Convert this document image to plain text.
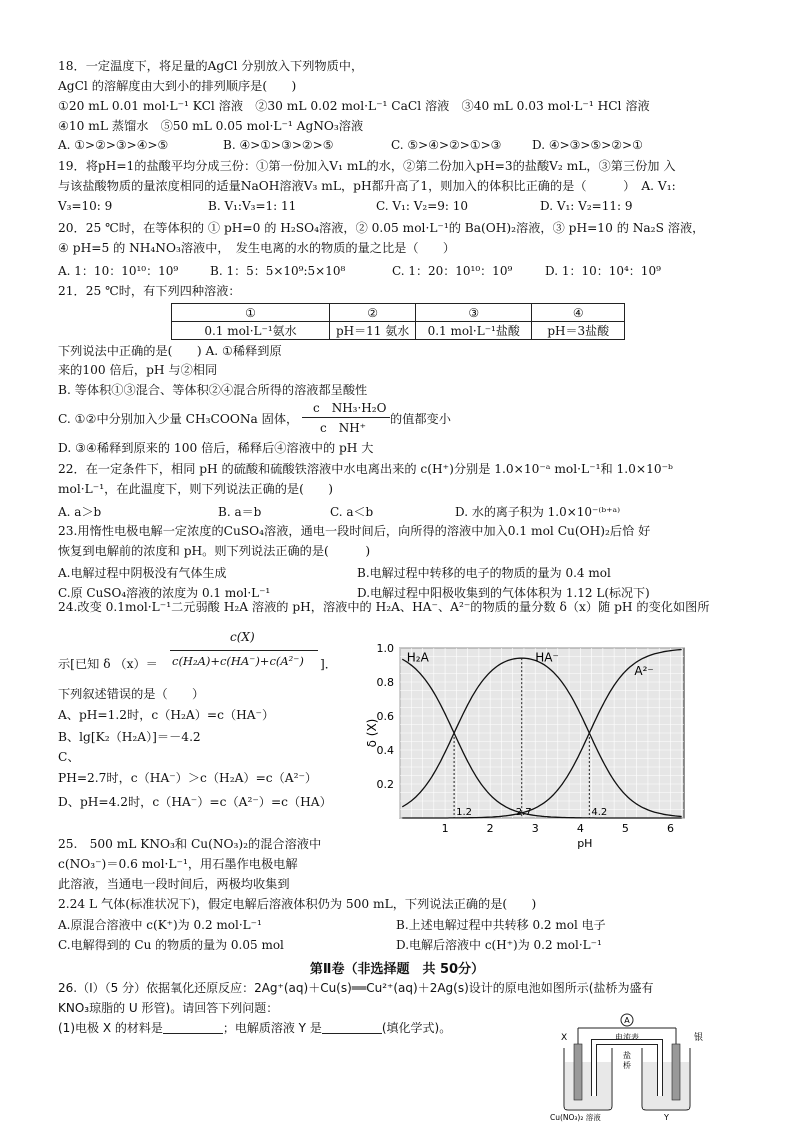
18．一定温度下，将足量的AgCl 分别放入下列物质中，
AgCl 的溶解度由大到小的排列顺序是(　　)
①20 mL 0.01 mol·L⁻¹ KCl 溶液　②30 mL 0.02 mol·L⁻¹ CaCl 溶液　③40 mL 0.03 mol·L⁻¹ HCl 溶液
④10 mL 蒸馏水　⑤50 mL 0.05 mol·L⁻¹ AgNO₃溶液
A. ①>②>③>④>⑤	B. ④>①>③>②>⑤	C. ⑤>④>②>①>③	D. ④>③>⑤>②>①
19．将pH=1的盐酸平均分成三份：①第一份加入V₁ mL的水，②第二份加入pH=3的盐酸V₂ mL，③第三份加 入
与该盐酸物质的量浓度相同的适量NaOH溶液V₃ mL，pH都升高了1，则加入的体积比正确的是（　　　）　A. V₁:
V₃=10: 9	B. V₁:V₃=1: 11	C. V₁: V₂=9: 10	D. V₁: V₂=11: 9
20．25 ℃时，在等体积的 ① pH=0 的 H₂SO₄溶液，② 0.05 mol·L⁻¹的 Ba(OH)₂溶液，③ pH=10 的 Na₂S 溶液，
④ pH=5 的 NH₄NO₃溶液中，　发生电离的水的物质的量之比是（　　）
A. 1：10：10¹⁰：10⁹	B. 1：5：5×10⁹:5×10⁸	C. 1：20：10¹⁰：10⁹	D. 1：10：10⁴：10⁹
21．25 ℃时，有下列四种溶液：
①	②	③	④
0.1 mol·L⁻¹氨水	pH＝11 氨水	0.1 mol·L⁻¹盐酸	pH＝3盐酸
下列说法中正确的是(　　) A. ①稀释到原
来的100 倍后，pH 与②相同
B. 等体积①③混合、等体积②④混合所得的溶液都呈酸性
C. ①②中分别加入少量 CH₃COONa 固体，
c　NH₃·H₂O
c　NH⁺
的值都变小
D. ③④稀释到原来的 100 倍后，稀释后④溶液中的 pH 大
22．在一定条件下，相同 pH 的硫酸和硫酸铁溶液中水电离出来的 c(H⁺)分别是 1.0×10⁻ᵃ mol·L⁻¹和 1.0×10⁻ᵇ
mol·L⁻¹，在此温度下，则下列说法正确的是(　　)
A. a＞b	B. a＝b	C. a＜b	D. 水的离子积为 1.0×10⁻⁽ᵇ⁺ᵃ⁾
23.用惰性电极电解一定浓度的CuSO₄溶液，通电一段时间后，向所得的溶液中加入0.1 mol Cu(OH)₂后恰 好
恢复到电解前的浓度和 pH。则下列说法正确的是(　　　)
A.电解过程中阴极没有气体生成	B.电解过程中转移的电子的物质的量为 0.4 mol
C.原 CuSO₄溶液的浓度为 0.1 mol·L⁻¹	D.电解过程中阳极收集到的气体体积为 1.12 L(标况下)
24.改变 0.1mol·L⁻¹二元弱酸 H₂A 溶液的 pH，溶液中的 H₂A、HA⁻、A²⁻的物质的量分数 δ（x）随 pH 的变化如图所
示[已知 δ （x）＝
c(X)
c(H₂A)+c(HA⁻)+c(A²⁻) ]．
下列叙述错误的是（　　）
A、pH=1.2时，c（H₂A）=c（HA⁻）
B、lg[K₂（H₂A）]＝－4.2
C、
PH=2.7时，c（HA⁻）＞c（H₂A）=c（A²⁻）
D、pH=4.2时，c（HA⁻）=c（A²⁻）=c（HA）
0.2
0.4
0.6
0.8
1.0
1	2	3	4	5	6
pH
δ (X)
H₂A	HA⁻
A²⁻
1.2	2.7	4.2
25.　500 mL KNO₃和 Cu(NO₃)₂的混合溶液中
c(NO₃⁻)＝0.6 mol·L⁻¹，用石墨作电极电解
此溶液，当通电一段时间后，两极均收集到
2.24 L 气体(标准状况下)，假定电解后溶液体积仍为 500 mL，下列说法正确的是(　　)
A.原混合溶液中 c(K⁺)为 0.2 mol·L⁻¹	B.上述电解过程中共转移 0.2 mol 电子
C.电解得到的 Cu 的物质的量为 0.05 mol	D.电解后溶液中 c(H⁺)为 0.2 mol·L⁻¹
第Ⅱ卷（非选择题　共 50分）
26.（Ⅰ）（5 分）依据氧化还原反应：2Ag⁺(aq)＋Cu(s)══Cu²⁺(aq)＋2Ag(s)设计的原电池如图所示(盐桥为盛有
KNO₃琼脂的 U 形管)。请回答下列问题：
(1)电极 X 的材料是	；电解质溶液 Y 是	(填化学式)。
A
电流表
X	银
盐
桥
Cu(NO₃)₂ 溶液	Y
